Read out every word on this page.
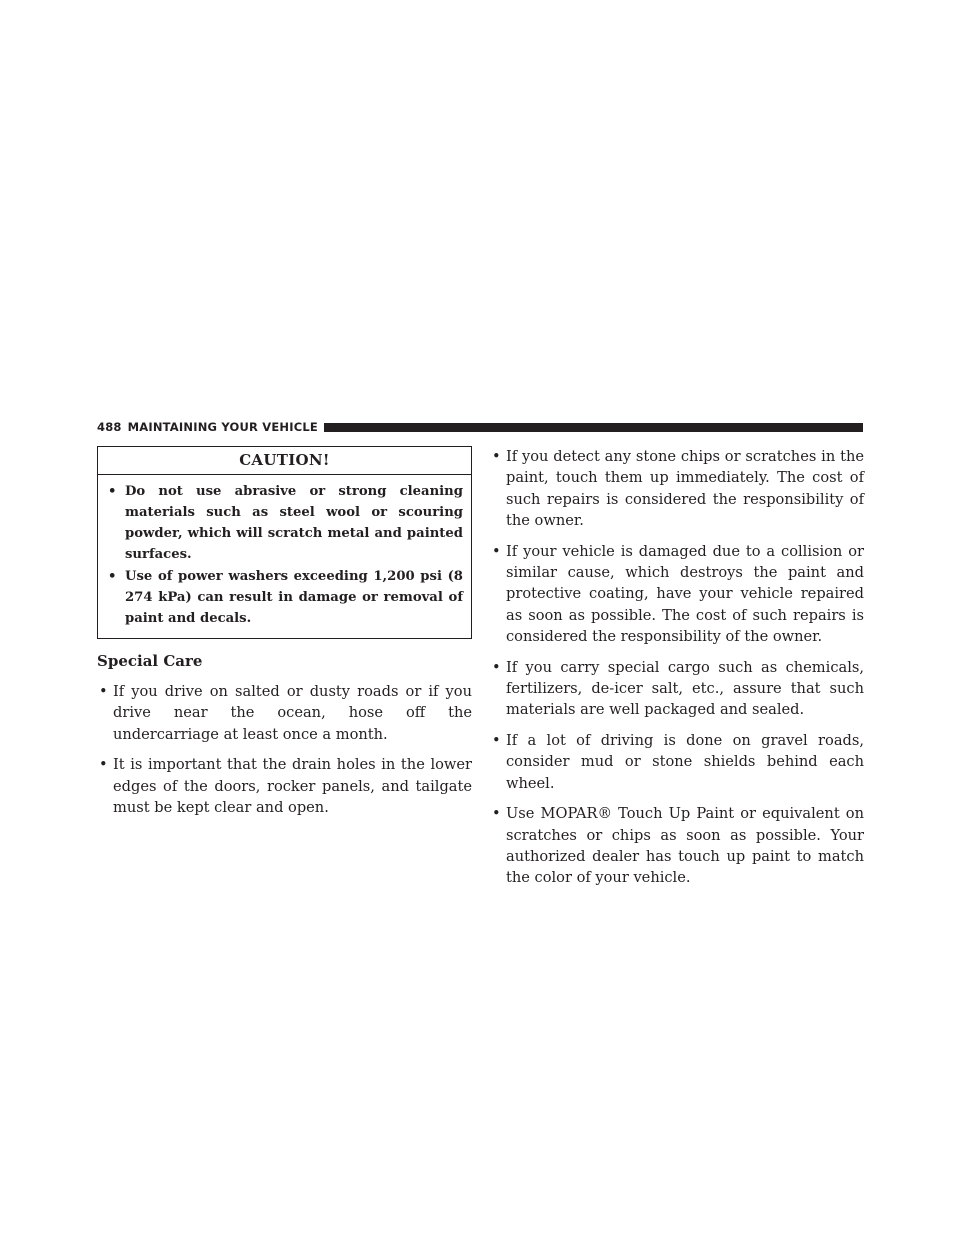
488 MAINTAINING YOUR VEHICLE
CAUTION!
• Do not use abrasive or strong cleaning materials such as steel wool or scouring powder, which will scratch metal and painted surfaces.
• Use of power washers exceeding 1,200 psi (8 274 kPa) can result in damage or removal of paint and decals.
Special Care
• If you drive on salted or dusty roads or if you drive near the ocean, hose off the undercarriage at least once a month.
• It is important that the drain holes in the lower edges of the doors, rocker panels, and tailgate must be kept clear and open.
• If you detect any stone chips or scratches in the paint, touch them up immediately. The cost of such repairs is considered the responsibility of the owner.
• If your vehicle is damaged due to a collision or similar cause, which destroys the paint and protective coating, have your vehicle repaired as soon as possible. The cost of such repairs is considered the responsibility of the owner.
• If you carry special cargo such as chemicals, fertilizers, de-icer salt, etc., assure that such materials are well packaged and sealed.
• If a lot of driving is done on gravel roads, consider mud or stone shields behind each wheel.
• Use MOPAR® Touch Up Paint or equivalent on scratches or chips as soon as possible. Your authorized dealer has touch up paint to match the color of your vehicle.
